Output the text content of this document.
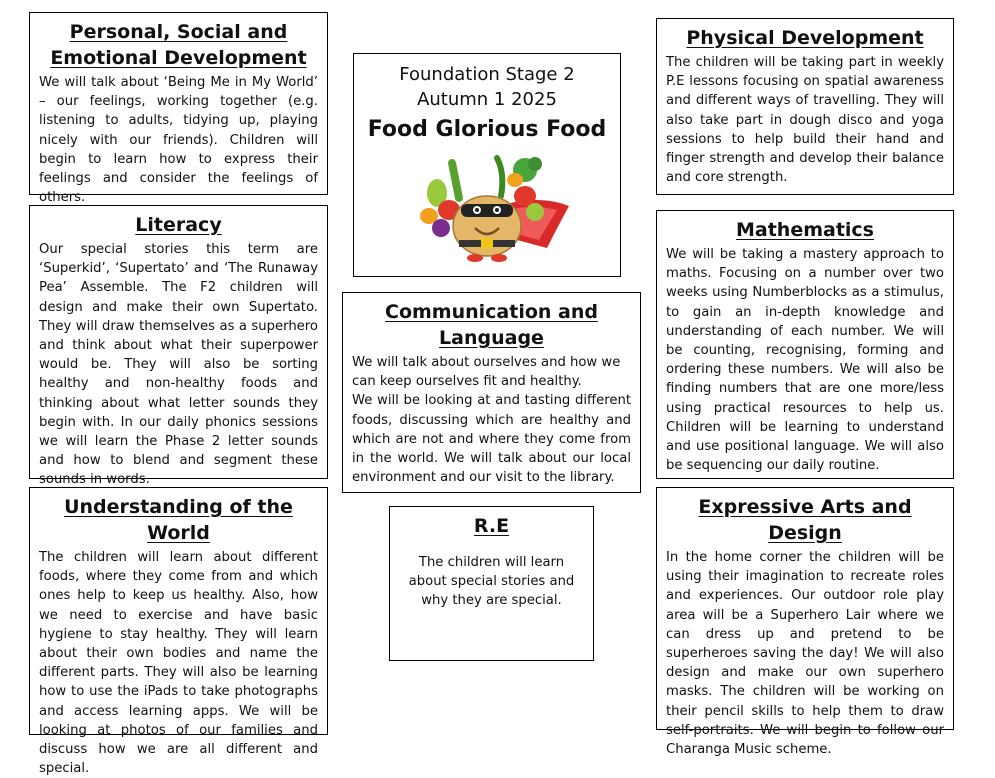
Personal, Social and Emotional Development

We will talk about ‘Being Me in My World’ – our feelings, working together (e.g. listening to adults, tidying up, playing nicely with our friends). Children will begin to learn how to express their feelings and consider the feelings of others.

Literacy

Our special stories this term are ‘Superkid’, ‘Supertato’ and ‘The Runaway Pea’ Assemble. The F2 children will design and make their own Supertato. They will draw themselves as a superhero and think about what their superpower would be. They will also be sorting healthy and non-healthy foods and thinking about what letter sounds they begin with. In our daily phonics sessions we will learn the Phase 2 letter sounds and how to blend and segment these sounds in words.

Understanding of the World

The children will learn about different foods, where they come from and which ones help to keep us healthy. Also, how we need to exercise and have basic hygiene to stay healthy. They will learn about their own bodies and name the different parts. They will also be learning how to use the iPads to take photographs and access learning apps. We will be looking at photos of our families and discuss how we are all different and special.

Foundation Stage 2
Autumn 1 2025
Food Glorious Food
Communication and Language

We will talk about ourselves and how we can keep ourselves fit and healthy.

We will be looking at and tasting different foods, discussing which are healthy and which are not and where they come from in the world. We will talk about our local environment and our visit to the library.

R.E

The children will learn about special stories and why they are special.

Physical Development

The children will be taking part in weekly P.E lessons focusing on spatial awareness and different ways of travelling. They will also take part in dough disco and yoga sessions to help build their hand and finger strength and develop their balance and core strength.

Mathematics

We will be taking a mastery approach to maths. Focusing on a number over two weeks using Numberblocks as a stimulus, to gain an in-depth knowledge and understanding of each number. We will be counting, recognising, forming and ordering these numbers. We will also be finding numbers that are one more/less using practical resources to help us. Children will be learning to understand and use positional language. We will also be sequencing our daily routine.

Expressive Arts and Design

In the home corner the children will be using their imagination to recreate roles and experiences. Our outdoor role play area will be a Superhero Lair where we can dress up and pretend to be superheroes saving the day! We will also design and make our own superhero masks. The children will be working on their pencil skills to help them to draw self-portraits. We will begin to follow our Charanga Music scheme.
